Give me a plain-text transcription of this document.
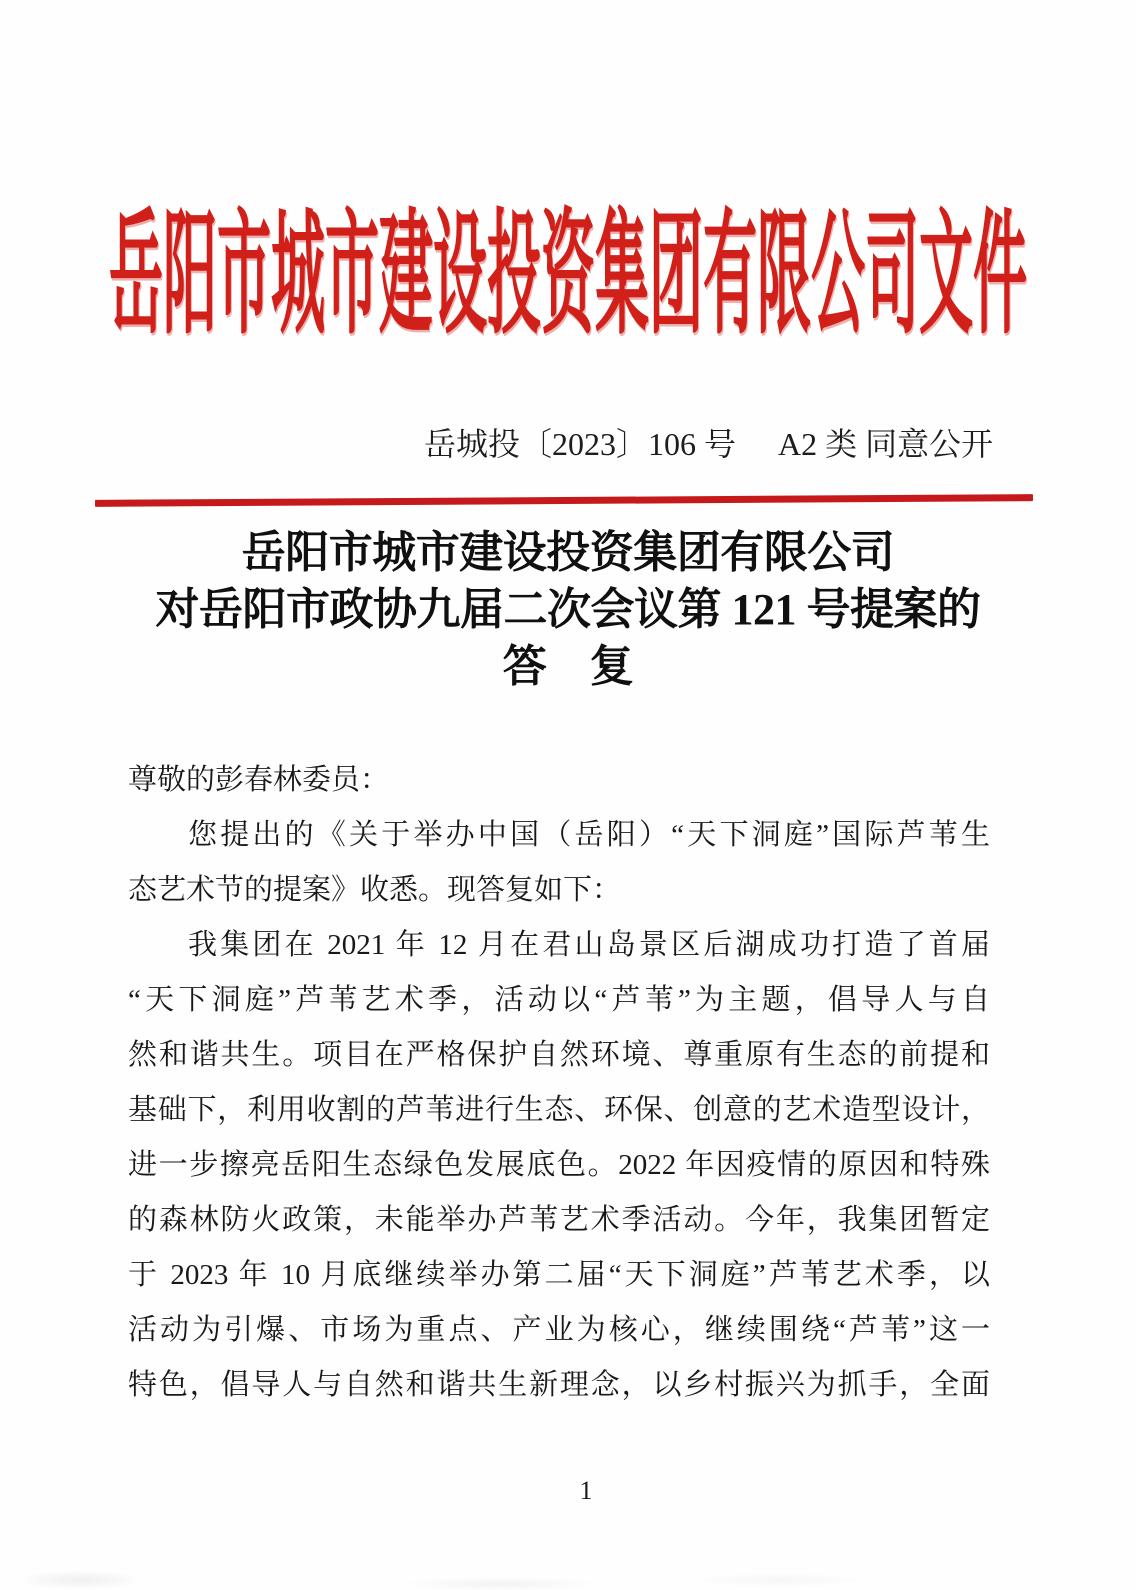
岳阳市城市建设投资集团有限公司文件
岳城投〔2023〕106 号 A2 类 同意公开
岳阳市城市建设投资集团有限公司
对岳阳市政协九届二次会议第 121 号提案的
答　复
尊敬的彭春林委员：
您提出的《关于举办中国（岳阳）“天下洞庭”国际芦苇生
态艺术节的提案》收悉。现答复如下：
我集团在 2021 年 12 月在君山岛景区后湖成功打造了首届
“天下洞庭”芦苇艺术季，活动以“芦苇”为主题，倡导人与自
然和谐共生。项目在严格保护自然环境、尊重原有生态的前提和
基础下，利用收割的芦苇进行生态、环保、创意的艺术造型设计，
进一步擦亮岳阳生态绿色发展底色。2022 年因疫情的原因和特殊
的森林防火政策，未能举办芦苇艺术季活动。今年，我集团暂定
于 2023 年 10 月底继续举办第二届“天下洞庭”芦苇艺术季，以
活动为引爆、市场为重点、产业为核心，继续围绕“芦苇”这一
特色，倡导人与自然和谐共生新理念，以乡村振兴为抓手，全面
1
